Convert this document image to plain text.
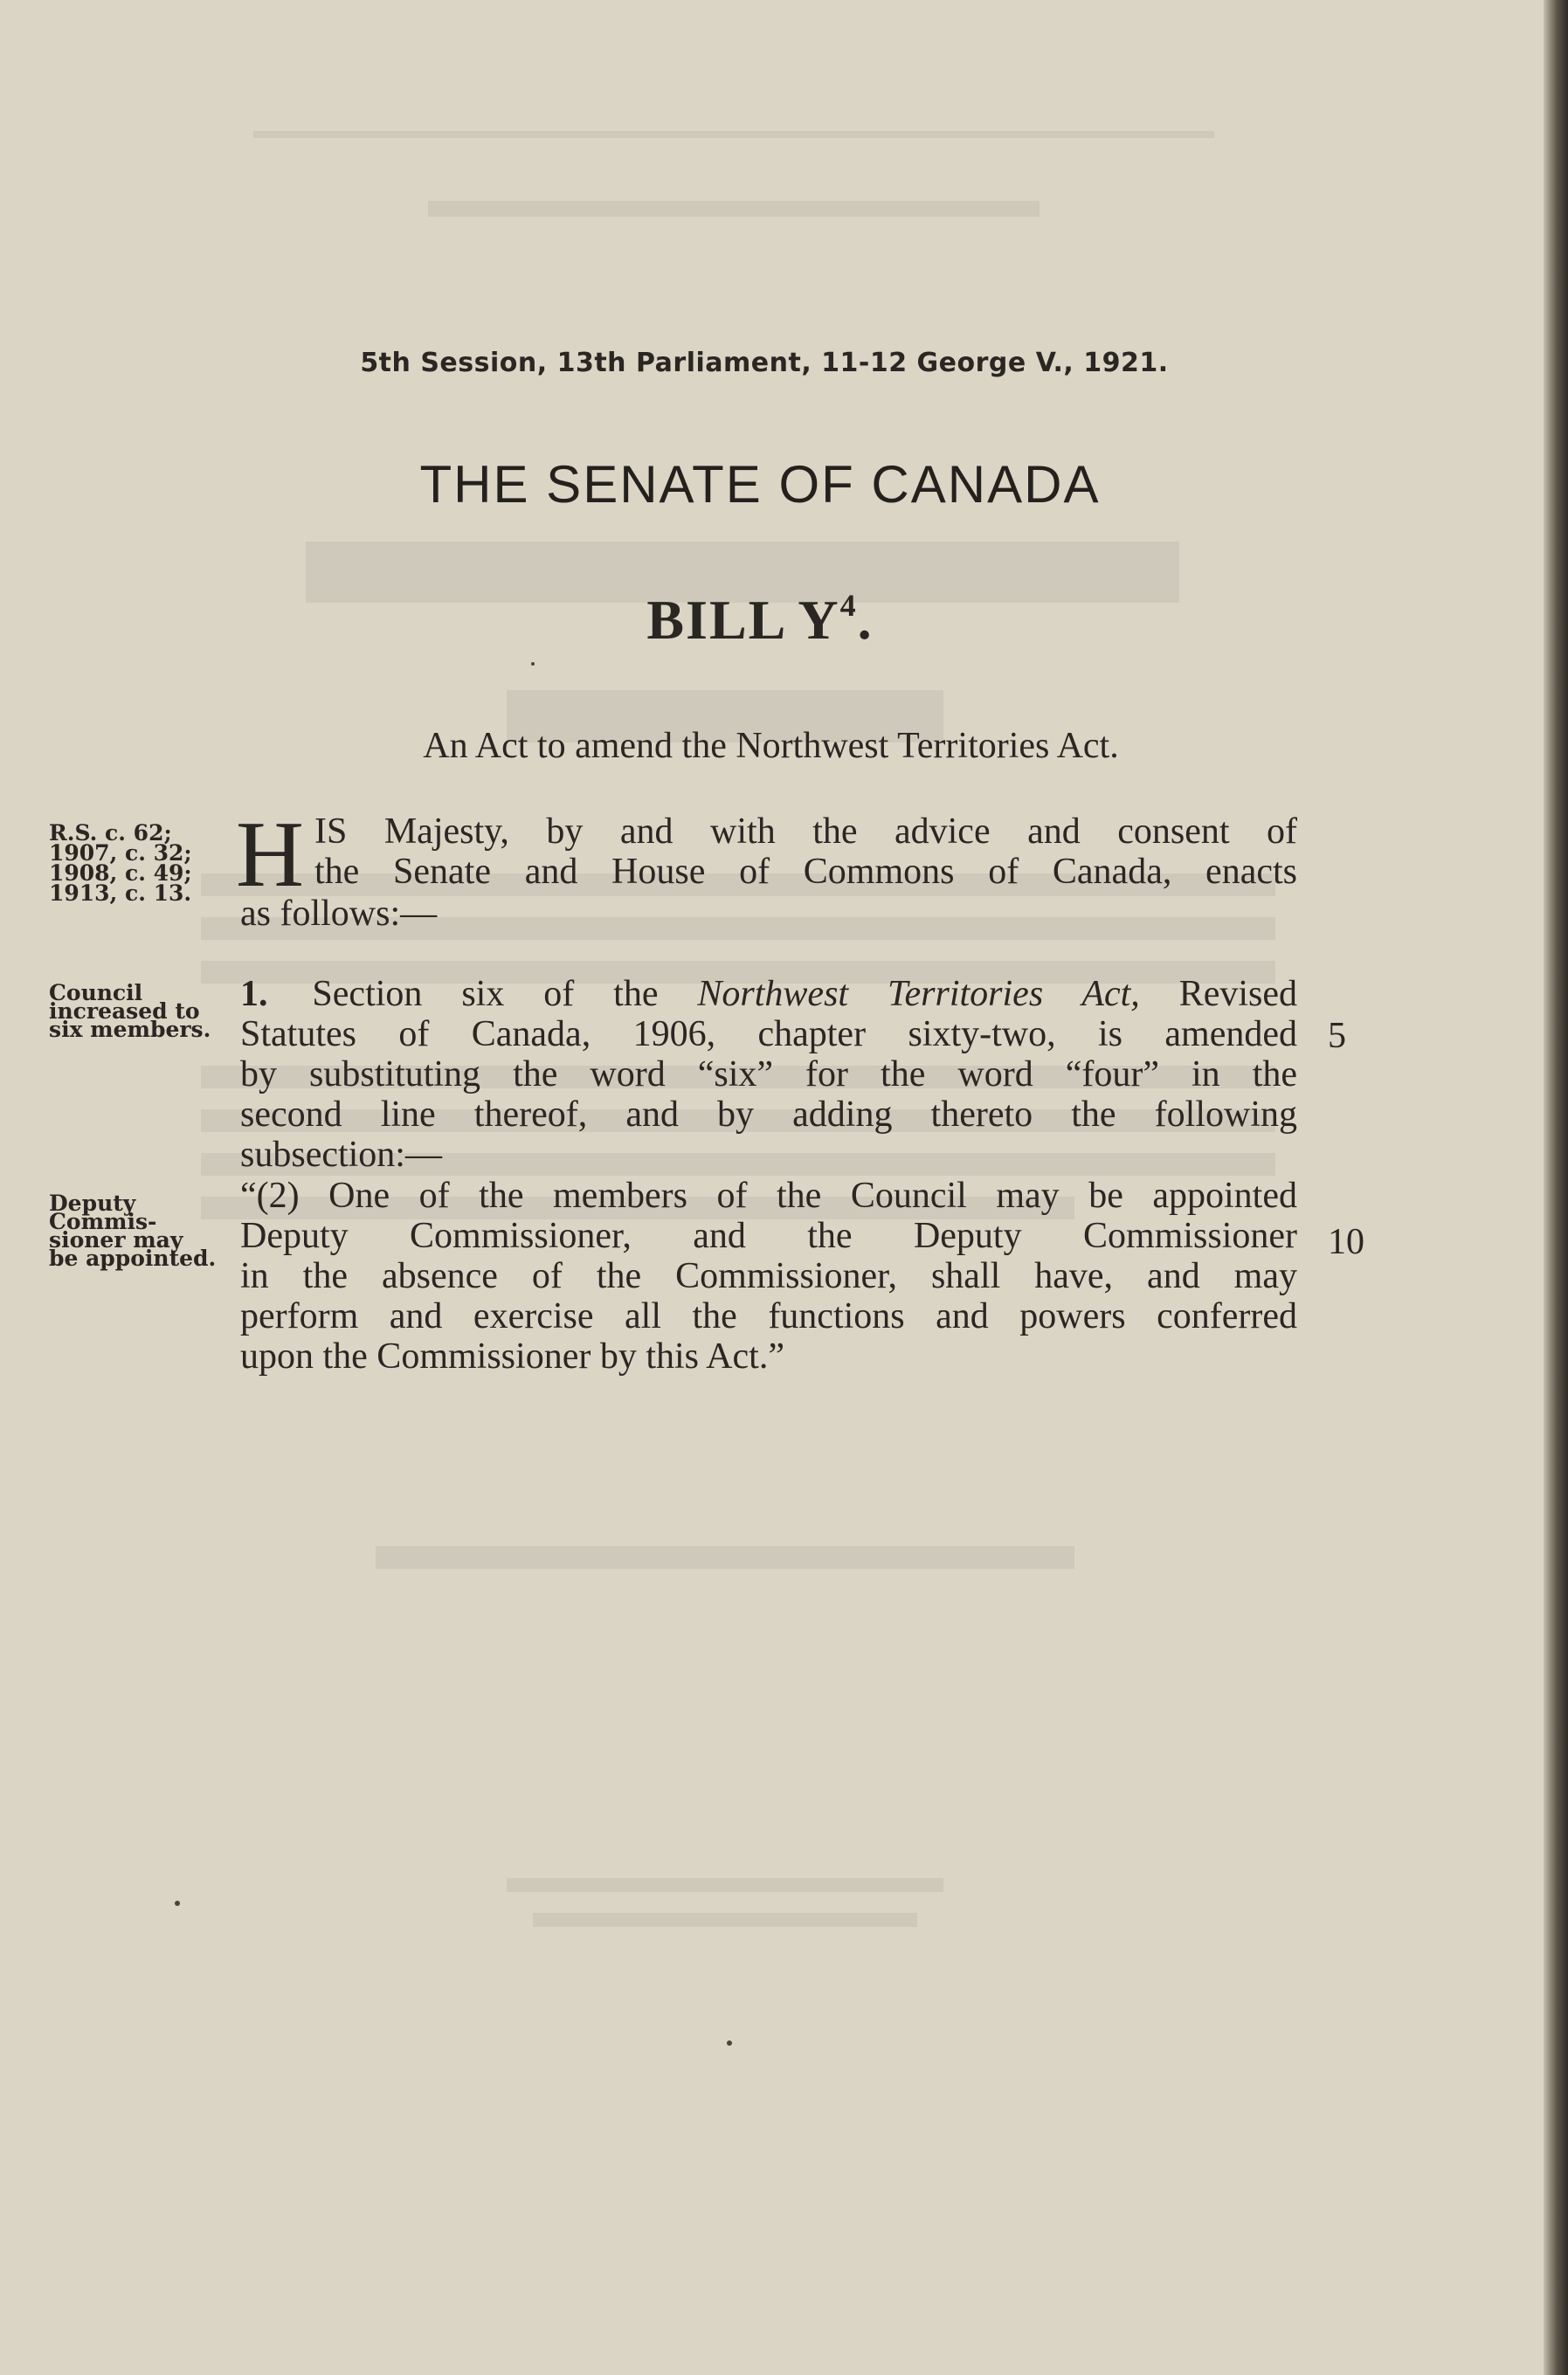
5th Session, 13th Parliament, 11-12 George V., 1921.
THE SENATE OF CANADA
BILL $Y^4$.
An Act to amend the Northwest Territories Act.
R.S. c. 62;
1907, c. 32;
1908, c. 49;
1913, c. 13.
Council
increased to
six members.
Deputy
Commis-
sioner may
be appointed.
H IS Majesty, by and with the advice and consent of
the Senate and House of Commons of Canada, enacts
as follows:—
1. Section six of the Northwest Territories Act, Revised
Statutes of Canada, 1906, chapter sixty-two, is amended
by substituting the word “six” for the word “four” in the
second line thereof, and by adding thereto the following
subsection:—
“(2) One of the members of the Council may be appointed
Deputy Commissioner, and the Deputy Commissioner
in the absence of the Commissioner, shall have, and may
perform and exercise all the functions and powers conferred
upon the Commissioner by this Act.”
5
10
